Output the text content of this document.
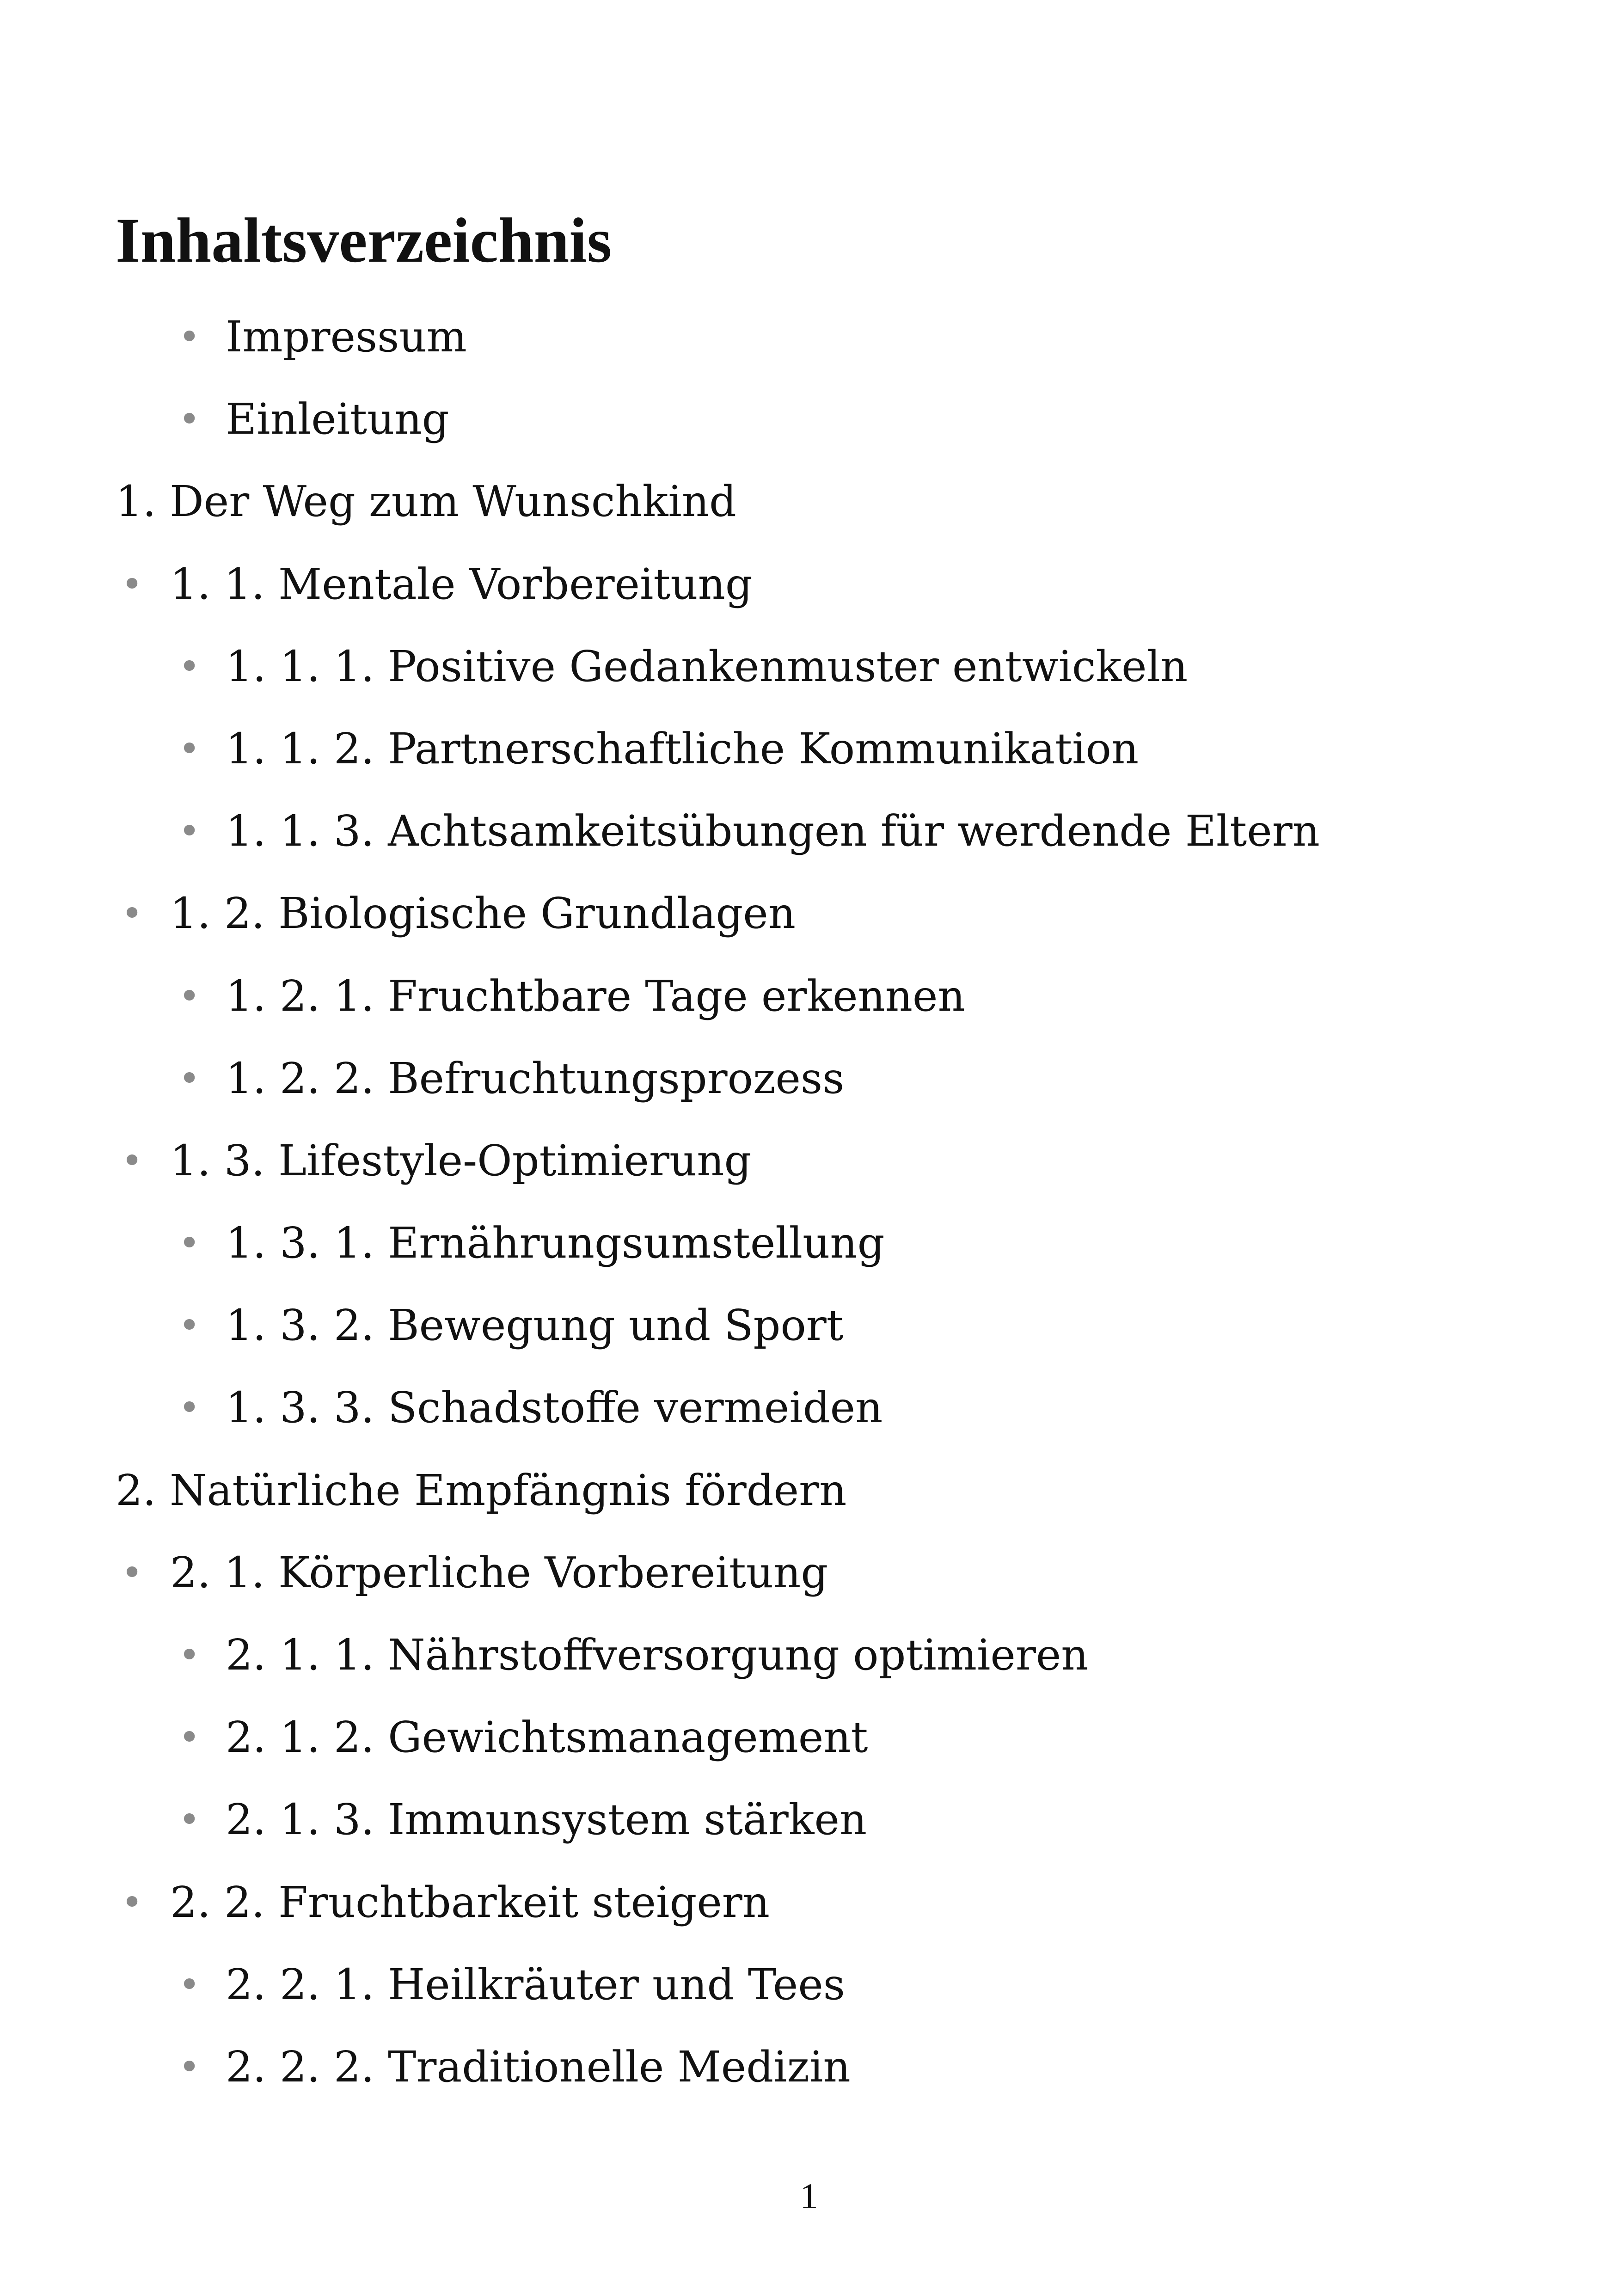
Inhaltsverzeichnis
• Impressum
• Einleitung
1. Der Weg zum Wunschkind
• 1. 1. Mentale Vorbereitung
• 1. 1. 1. Positive Gedankenmuster entwickeln
• 1. 1. 2. Partnerschaftliche Kommunikation
• 1. 1. 3. Achtsamkeitsübungen für werdende Eltern
• 1. 2. Biologische Grundlagen
• 1. 2. 1. Fruchtbare Tage erkennen
• 1. 2. 2. Befruchtungsprozess
• 1. 3. Lifestyle-Optimierung
• 1. 3. 1. Ernährungsumstellung
• 1. 3. 2. Bewegung und Sport
• 1. 3. 3. Schadstoffe vermeiden
2. Natürliche Empfängnis fördern
• 2. 1. Körperliche Vorbereitung
• 2. 1. 1. Nährstoffversorgung optimieren
• 2. 1. 2. Gewichtsmanagement
• 2. 1. 3. Immunsystem stärken
• 2. 2. Fruchtbarkeit steigern
• 2. 2. 1. Heilkräuter und Tees
• 2. 2. 2. Traditionelle Medizin
1
